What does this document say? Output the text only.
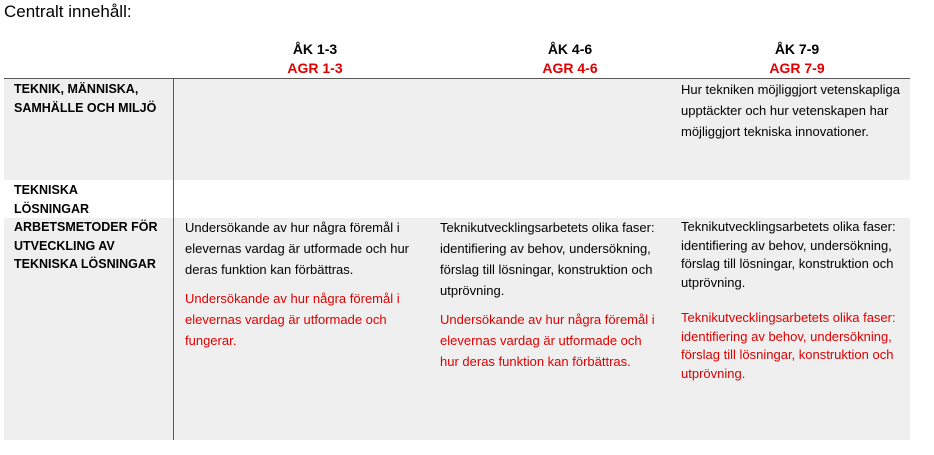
Centralt innehåll:
ÅK 1-3
AGR 1-3
ÅK 4-6
AGR 4-6
ÅK 7-9
AGR 7-9
TEKNIK, MÄNNISKA, SAMHÄLLE OCH MILJÖ
TEKNISKA LÖSNINGAR
ARBETSMETODER FÖR UTVECKLING AV TEKNISKA LÖSNINGAR
Hur tekniken möjliggjort vetenskapliga upptäckter och hur vetenskapen har möjliggjort tekniska innovationer.

Undersökande av hur några föremål i elevernas vardag är utformade och hur deras funktion kan förbättras.

Undersökande av hur några föremål i elevernas vardag är utformade och fungerar.

Teknikutvecklingsarbetets olika faser: identifiering av behov, undersökning, förslag till lösningar, konstruktion och utprövning.

Undersökande av hur några föremål i elevernas vardag är utformade och hur deras funktion kan förbättras.

Teknikutvecklingsarbetets olika faser: identifiering av behov, undersökning, förslag till lösningar, konstruktion och utprövning.

Teknikutvecklingsarbetets olika faser: identifiering av behov, undersökning, förslag till lösningar, konstruktion och utprövning.
